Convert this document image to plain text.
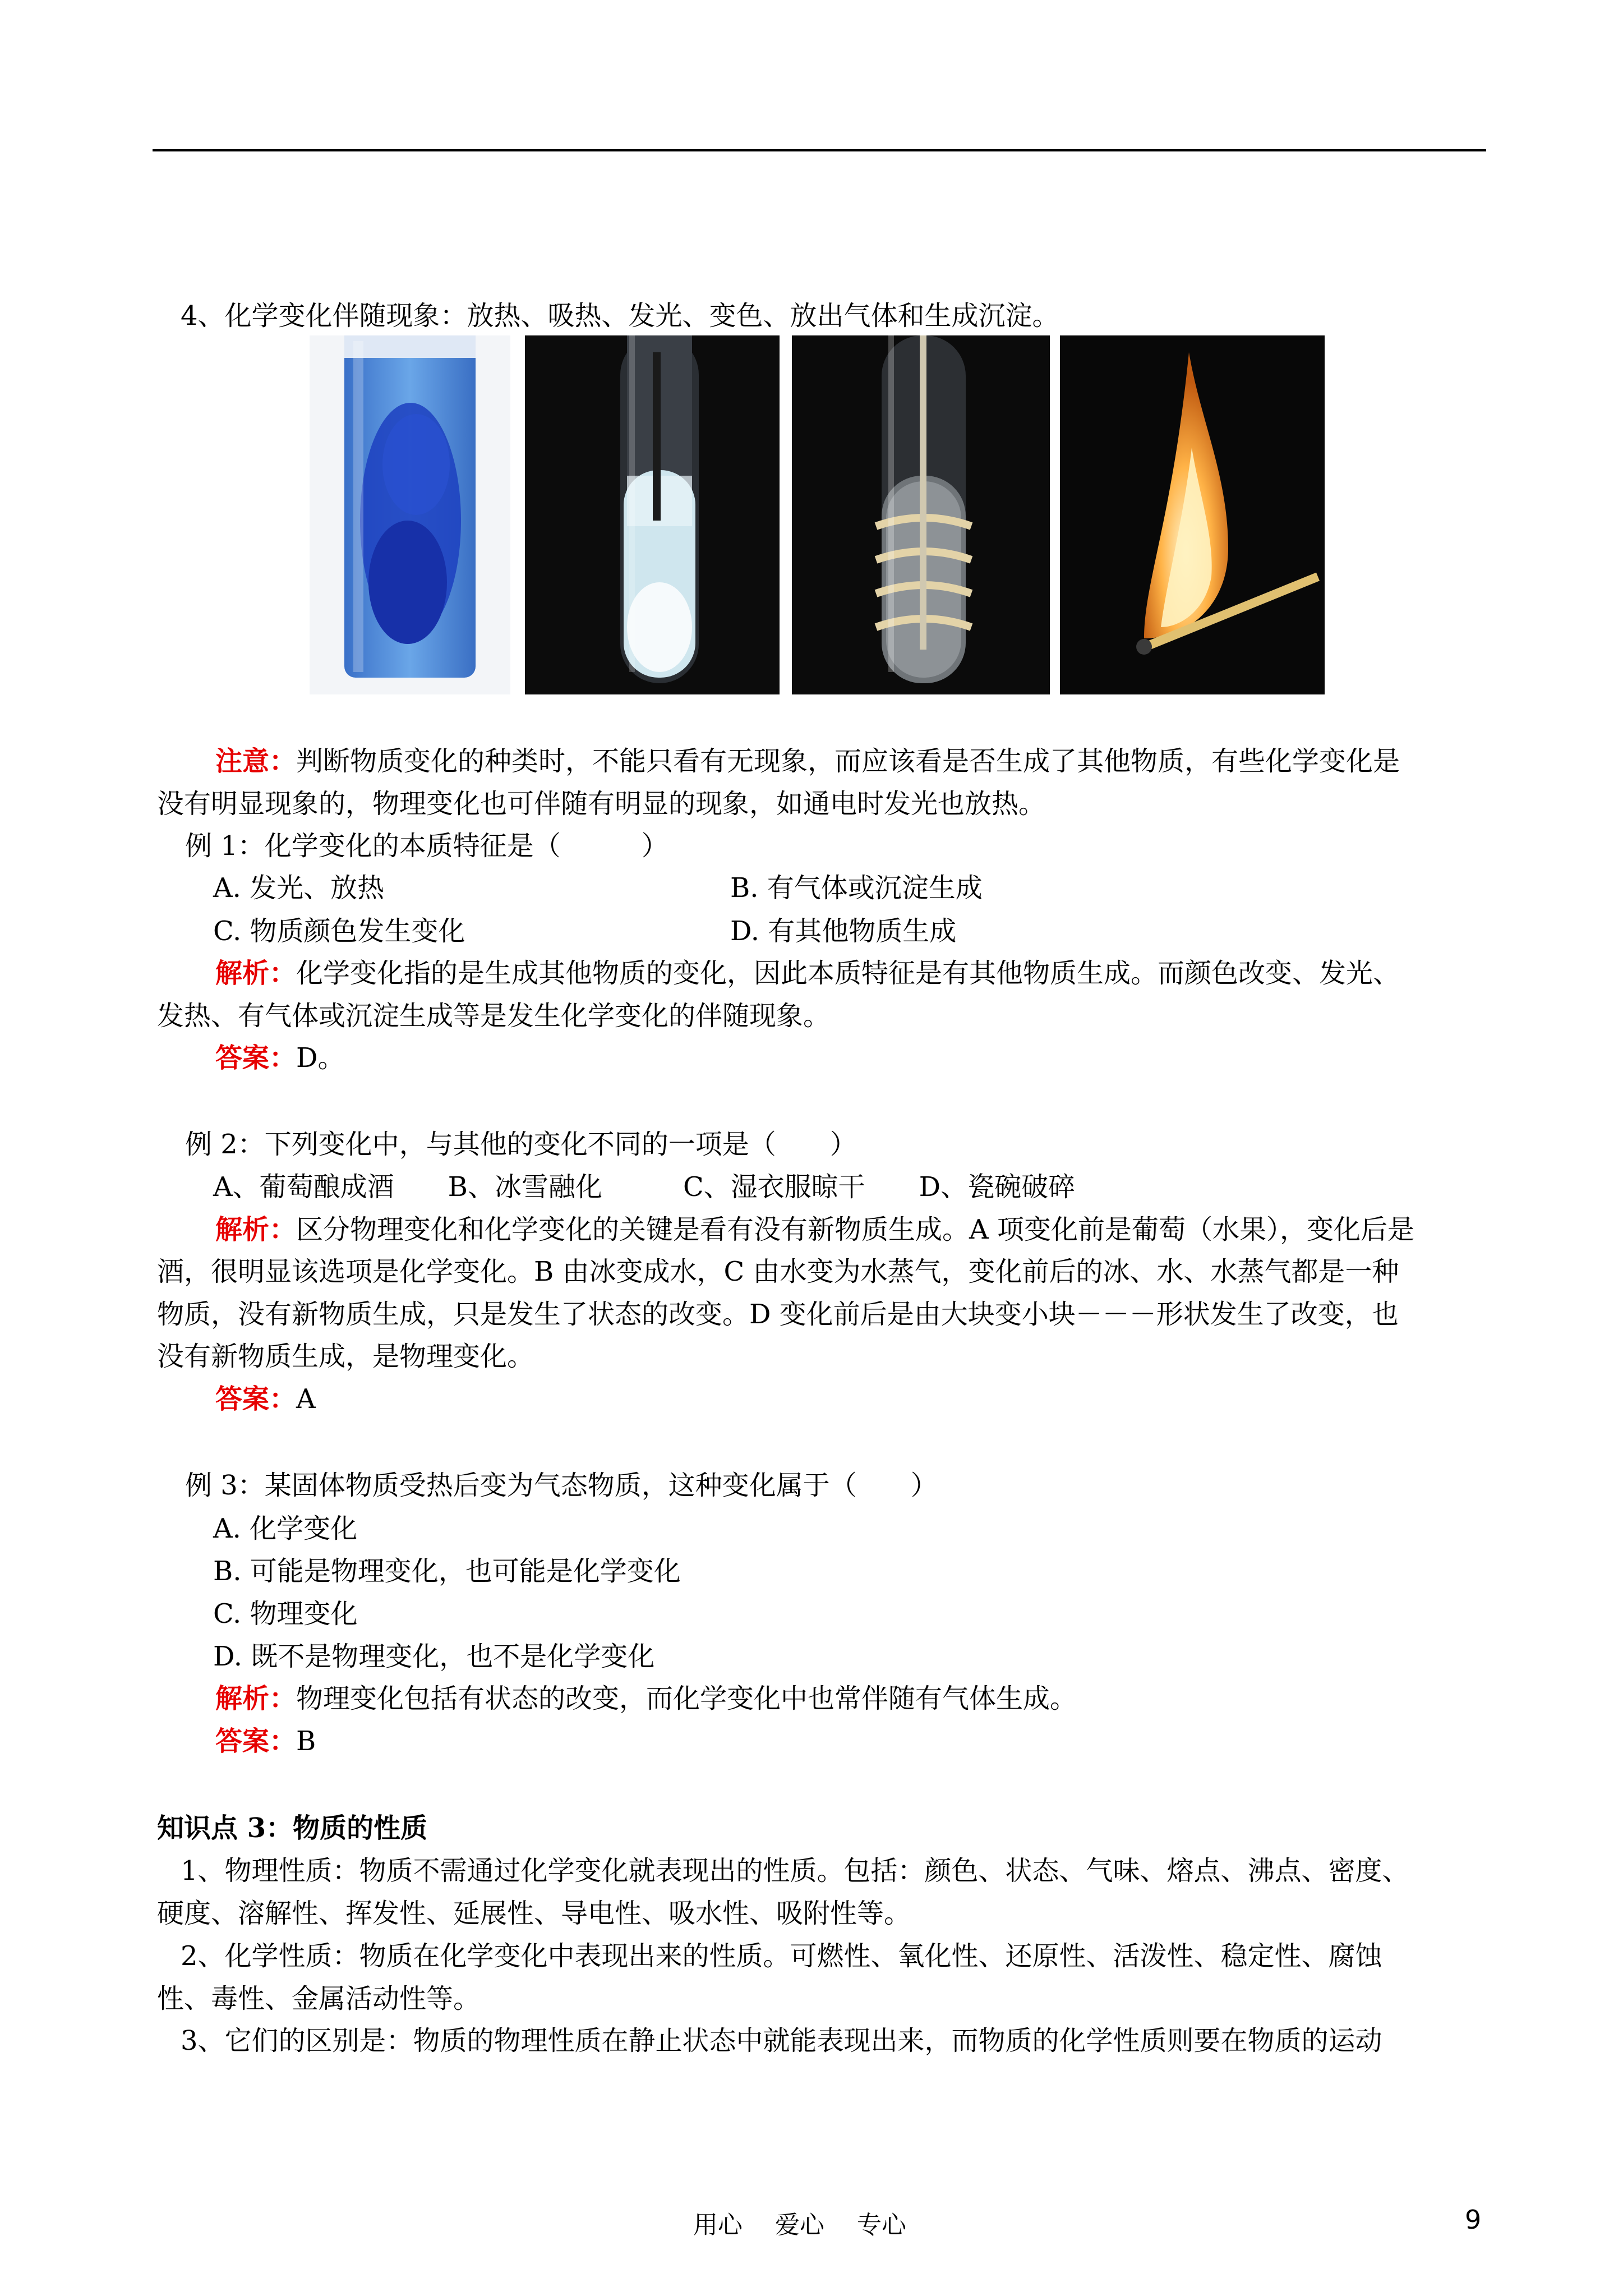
4、化学变化伴随现象：放热、吸热、发光、变色、放出气体和生成沉淀。
注意：判断物质变化的种类时，不能只看有无现象，而应该看是否生成了其他物质，有些化学变化是
没有明显现象的，物理变化也可伴随有明显的现象，如通电时发光也放热。
例 1：化学变化的本质特征是（　　　）
A. 发光、放热	B. 有气体或沉淀生成
C. 物质颜色发生变化	D. 有其他物质生成
解析：化学变化指的是生成其他物质的变化，因此本质特征是有其他物质生成。而颜色改变、发光、
发热、有气体或沉淀生成等是发生化学变化的伴随现象。
答案：D。
例 2：下列变化中，与其他的变化不同的一项是（　　）
A、葡萄酿成酒　　B、冰雪融化　　　C、湿衣服晾干　　D、瓷碗破碎
解析：区分物理变化和化学变化的关键是看有没有新物质生成。A 项变化前是葡萄（水果），变化后是
酒，很明显该选项是化学变化。B 由冰变成水，C 由水变为水蒸气，变化前后的冰、水、水蒸气都是一种
物质，没有新物质生成，只是发生了状态的改变。D 变化前后是由大块变小块－－－形状发生了改变，也
没有新物质生成，是物理变化。
答案：A
例 3：某固体物质受热后变为气态物质，这种变化属于（　　）
A. 化学变化
B. 可能是物理变化，也可能是化学变化
C. 物理变化
D. 既不是物理变化，也不是化学变化
解析：物理变化包括有状态的改变，而化学变化中也常伴随有气体生成。
答案：B
知识点 3：物质的性质
1、物理性质：物质不需通过化学变化就表现出的性质。包括：颜色、状态、气味、熔点、沸点、密度、
硬度、溶解性、挥发性、延展性、导电性、吸水性、吸附性等。
2、化学性质：物质在化学变化中表现出来的性质。可燃性、氧化性、还原性、活泼性、稳定性、腐蚀
性、毒性、金属活动性等。
3、它们的区别是：物质的物理性质在静止状态中就能表现出来，而物质的化学性质则要在物质的运动
用心　 爱心　 专心	9
